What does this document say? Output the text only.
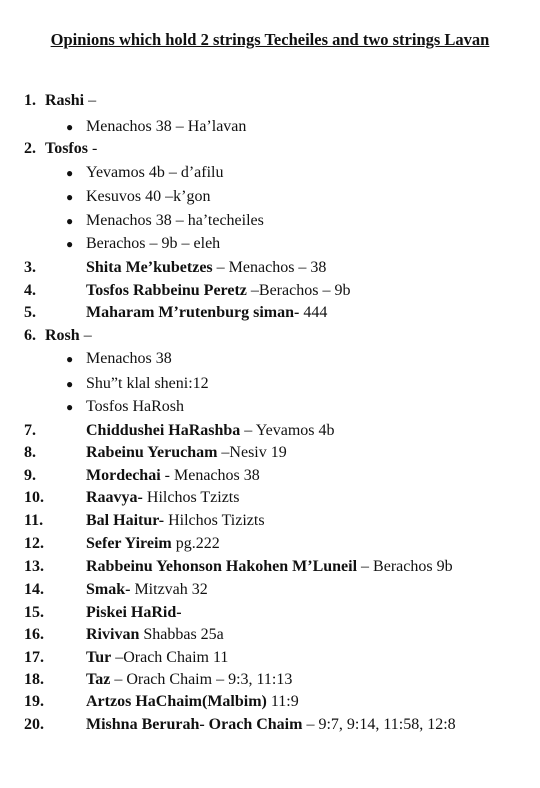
Opinions which hold 2 strings Techeiles and two strings Lavan
1. Rashi –
● Menachos 38 – Ha’lavan
2. Tosfos -
● Yevamos 4b – d’afilu
● Kesuvos 40 –k’gon
● Menachos 38 – ha’techeiles
● Berachos – 9b – eleh
3.	Shita Me’kubetzes – Menachos – 38
4.	Tosfos Rabbeinu Peretz –Berachos – 9b
5.	Maharam M’rutenburg siman- 444
6. Rosh –
● Menachos 38
● Shu”t klal sheni:12
● Tosfos HaRosh
7.	Chiddushei HaRashba – Yevamos 4b
8.	Rabeinu Yerucham –Nesiv 19
9.	Mordechai - Menachos 38
10.	Raavya- Hilchos Tzizts
11.	Bal Haitur- Hilchos Tizizts
12.	Sefer Yireim pg.222
13.	Rabbeinu Yehonson Hakohen M’Luneil – Berachos 9b
14.	Smak- Mitzvah 32
15.	Piskei HaRid-
16.	Rivivan Shabbas 25a
17.	Tur –Orach Chaim 11
18.	Taz – Orach Chaim – 9:3, 11:13
19.	Artzos HaChaim(Malbim) 11:9
20.	Mishna Berurah- Orach Chaim – 9:7, 9:14, 11:58, 12:8
